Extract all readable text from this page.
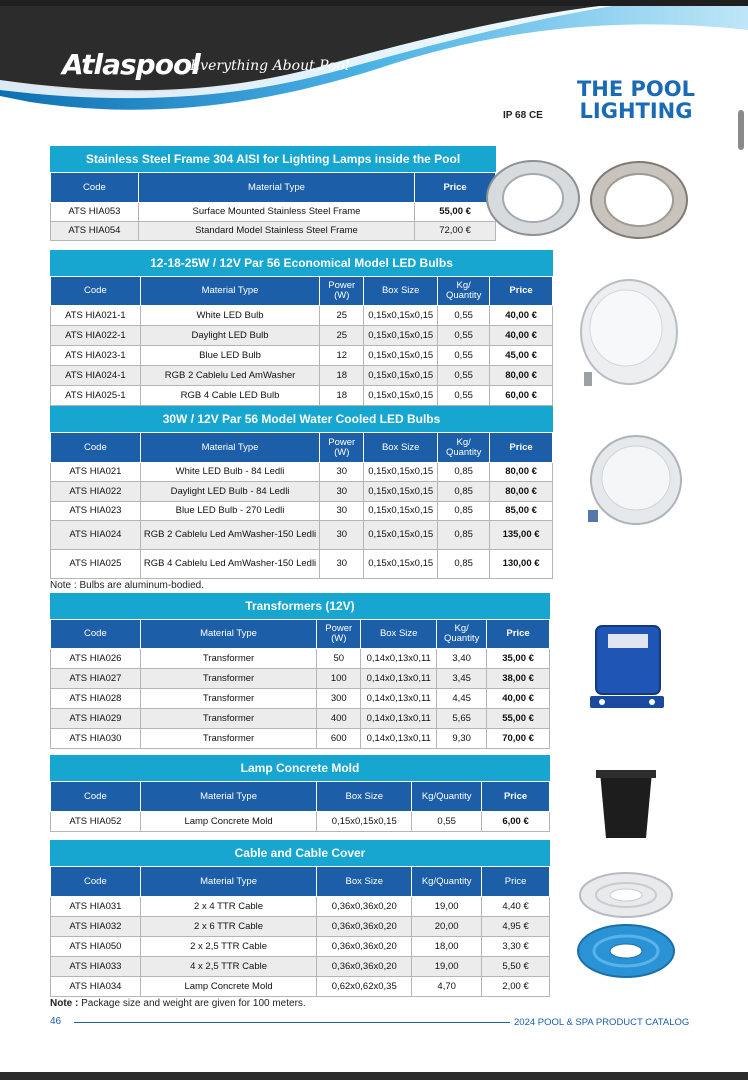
Atlaspool
Everything About Pool
THE POOL
LIGHTING
IP 68 CE
Stainless Steel Frame 304 AISI for Lighting Lamps inside the Pool
Code	Material Type	Price
ATS HIA053	Surface Mounted Stainless Steel Frame	55,00 €
ATS HIA054	Standard Model Stainless Steel Frame	72,00 €
12-18-25W / 12V Par 56 Economical Model LED Bulbs
Code	Material Type	Power (W)	Box Size	Kg/ Quantity	Price
ATS HIA021-1	White LED Bulb	25	0,15x0,15x0,15	0,55	40,00 €
ATS HIA022-1	Daylight LED Bulb	25	0,15x0,15x0,15	0,55	40,00 €
ATS HIA023-1	Blue LED Bulb	12	0,15x0,15x0,15	0,55	45,00 €
ATS HIA024-1	RGB 2 Cablelu Led AmWasher	18	0,15x0,15x0,15	0,55	80,00 €
ATS HIA025-1	RGB 4 Cable LED Bulb	18	0,15x0,15x0,15	0,55	60,00 €
30W / 12V Par 56 Model Water Cooled LED Bulbs
Code	Material Type	Power (W)	Box Size	Kg/ Quantity	Price
ATS HIA021	White LED Bulb - 84 Ledli	30	0,15x0,15x0,15	0,85	80,00 €
ATS HIA022	Daylight LED Bulb - 84 Ledli	30	0,15x0,15x0,15	0,85	80,00 €
ATS HIA023	Blue LED Bulb - 270 Ledli	30	0,15x0,15x0,15	0,85	85,00 €
ATS HIA024	RGB 2 Cablelu Led AmWasher-150 Ledli	30	0,15x0,15x0,15	0,85	135,00 €
ATS HIA025	RGB 4 Cablelu Led AmWasher-150 Ledli	30	0,15x0,15x0,15	0,85	130,00 €
Note : Bulbs are aluminum-bodied.
Transformers (12V)
Code	Material Type	Power (W)	Box Size	Kg/ Quantity	Price
ATS HIA026	Transformer	50	0,14x0,13x0,11	3,40	35,00 €
ATS HIA027	Transformer	100	0,14x0,13x0,11	3,45	38,00 €
ATS HIA028	Transformer	300	0,14x0,13x0,11	4,45	40,00 €
ATS HIA029	Transformer	400	0,14x0,13x0,11	5,65	55,00 €
ATS HIA030	Transformer	600	0,14x0,13x0,11	9,30	70,00 €
Lamp Concrete Mold
Code	Material Type	Box Size	Kg/Quantity	Price
ATS HIA052	Lamp Concrete Mold	0,15x0,15x0,15	0,55	6,00 €
Cable and Cable Cover
Code	Material Type	Box Size	Kg/Quantity	Price
ATS HIA031	2 x 4 TTR Cable	0,36x0,36x0,20	19,00	4,40 €
ATS HIA032	2 x 6 TTR Cable	0,36x0,36x0,20	20,00	4,95 €
ATS HIA050	2 x 2,5 TTR Cable	0,36x0,36x0,20	18,00	3,30 €
ATS HIA033	4 x 2,5 TTR Cable	0,36x0,36x0,20	19,00	5,50 €
ATS HIA034	Lamp Concrete Mold	0,62x0,62x0,35	4,70	2,00 €
Note : Package size and weight are given for 100 meters.
46	2024 POOL & SPA PRODUCT CATALOG
